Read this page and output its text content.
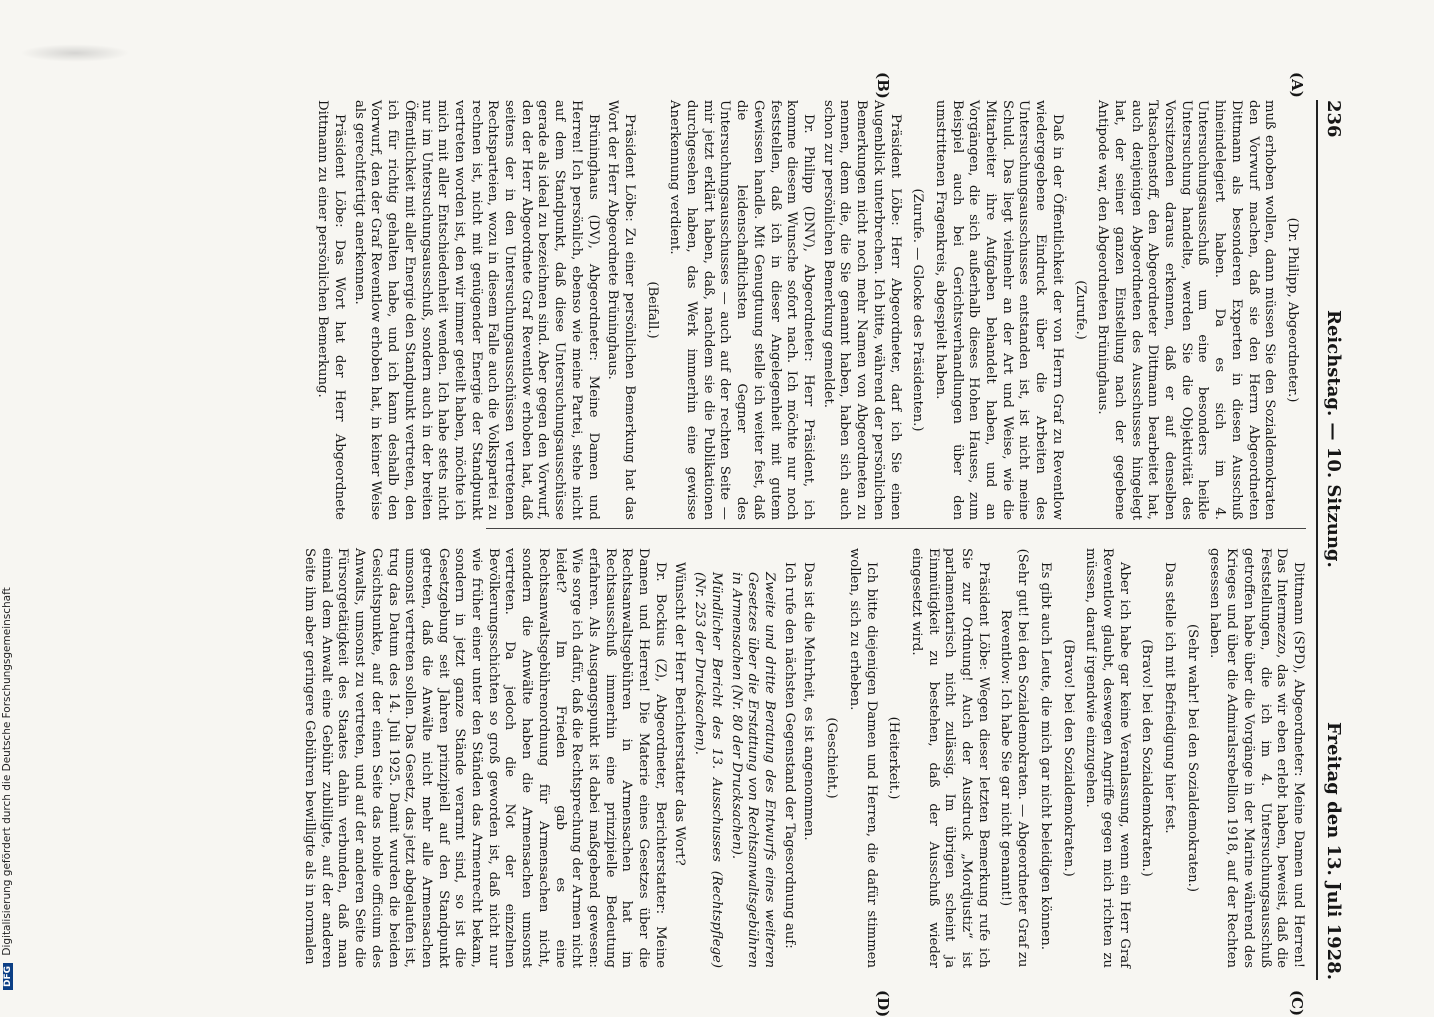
236
Reichstag. — 10. Sitzung.
Freitag den 13. Juli 1928.
(A)
(B)
(C)
(D)

(Dr. Philipp, Abgeordneter.)

muß erhoben wollen, dann müssen Sie den Sozialdemokraten den Vorwurf machen, daß sie den Herrn Abgeordneten Dittmann als besonderen Experten in diesen Ausschuß hineindelegiert haben. Da es sich im 4. Untersuchungsausschuß um eine besonders heikle Untersuchung handelte, werden Sie die Objektivität des Vorsitzenden daraus erkennen, daß er auf denselben Tatsachenstoff, den Abgeordneter Dittmann bearbeitet hat, auch denjenigen Abgeordneten des Ausschusses hingelegt hat, der seiner ganzen Einstellung nach der gegebene Antipode war, den Abgeordneten Brüninghaus.

(Zurufe.)

Daß in der Öffentlichkeit der von Herrn Graf zu Reventlow wiedergegebene Eindruck über die Arbeiten des Untersuchungsausschusses entstanden ist, ist nicht meine Schuld. Das liegt vielmehr an der Art und Weise, wie die Mitarbeiter ihre Aufgaben behandelt haben, und an Vorgängen, die sich außerhalb dieses Hohen Hauses, zum Beispiel auch bei Gerichtsverhandlungen über den umstrittenen Fragenkreis, abgespielt haben.

(Zurufe. — Glocke des Präsidenten.)

Präsident Löbe: Herr Abgeordneter, darf ich Sie einen Augenblick unterbrechen. Ich bitte, während der persönlichen Bemerkungen nicht noch mehr Namen von Abgeordneten zu nennen, denn die, die Sie genannt haben, haben sich auch schon zur persönlichen Bemerkung gemeldet.

Dr. Philipp (DNV), Abgeordneter: Herr Präsident, ich komme diesem Wunsche sofort nach. Ich möchte nur noch feststellen, daß ich in dieser Angelegenheit mit gutem Gewissen handle. Mit Genugtuung stelle ich weiter fest, daß die leidenschaftlichsten Gegner des Untersuchungsausschusses — auch auf der rechten Seite — mir jetzt erklärt haben, daß, nachdem sie die Publikationen durchgesehen haben, das Werk immerhin eine gewisse Anerkennung verdient.

(Beifall.)

Präsident Löbe: Zu einer persönlichen Bemerkung hat das Wort der Herr Abgeordnete Brüninghaus.

Brüninghaus (DV), Abgeordneter: Meine Damen und Herren! Ich persönlich, ebenso wie meine Partei, stehe nicht auf dem Standpunkt, daß diese Untersuchungsausschüsse gerade als ideal zu bezeichnen sind. Aber gegen den Vorwurf, den der Herr Abgeordnete Graf Reventlow erhoben hat, daß seitens der in den Untersuchungsausschüssen vertretenen Rechtsparteien, wozu in diesem Falle auch die Volkspartei zu rechnen ist, nicht mit genügender Energie der Standpunkt vertreten worden ist, den wir immer geteilt haben, möchte ich mich mit aller Entschiedenheit wenden. Ich habe stets nicht nur im Untersuchungsausschuß, sondern auch in der breiten Öffentlichkeit mit aller Energie den Standpunkt vertreten, den ich für richtig gehalten habe, und ich kann deshalb den Vorwurf, den der Graf Reventlow erhoben hat, in keiner Weise als gerechtfertigt anerkennen.

Präsident Löbe: Das Wort hat der Herr Abgeordnete Dittmann zu einer persönlichen Bemerkung.

Dittmann (SPD), Abgeordneter: Meine Damen und Herren! Das Intermezzo, das wir eben erlebt haben, beweist, daß die Feststellungen, die ich im 4. Untersuchungsausschuß getroffen habe über die Vorgänge in der Marine während des Krieges und über die Admiralsrebellion 1918, auf der Rechten gesessen haben.

(Sehr wahr! bei den Sozialdemokraten.)

Das stelle ich mit Befriedigung hier fest.

(Bravo! bei den Sozialdemokraten.)

Aber ich habe gar keine Veranlassung, wenn ein Herr Graf Reventlow glaubt, deswegen Angriffe gegen mich richten zu müssen, darauf irgendwie einzugehen.

(Bravo! bei den Sozialdemokraten.)

Es gibt auch Leute, die mich gar nicht beleidigen können.

(Sehr gut! bei den Sozialdemokraten. — Abgeordneter Graf zu Reventlow: Ich habe Sie gar nicht genannt!)

Präsident Löbe: Wegen dieser letzten Bemerkung rufe ich Sie zur Ordnung! Auch der Ausdruck „Mordjustiz“ ist parlamentarisch nicht zulässig. Im übrigen scheint ja Einmütigkeit zu bestehen, daß der Ausschuß wieder eingesetzt wird.

(Heiterkeit.)

Ich bitte diejenigen Damen und Herren, die dafür stimmen wollen, sich zu erheben.

(Geschieht.)

Das ist die Mehrheit, es ist angenommen.

Ich rufe den nächsten Gegenstand der Tagesordnung auf:

Zweite und dritte Beratung des Entwurfs eines weiteren Gesetzes über die Erstattung von Rechtsanwaltsgebühren in Armensachen (Nr. 80 der Drucksachen).

Mündlicher Bericht des 13. Ausschusses (Rechtspflege) (Nr. 253 der Drucksachen).

Wünscht der Herr Berichterstatter das Wort?

Dr. Bockius (Z), Abgeordneter, Berichterstatter: Meine Damen und Herren! Die Materie eines Gesetzes über die Rechtsanwaltsgebühren in Armensachen hat im Rechtsausschuß immerhin eine prinzipielle Bedeutung erfahren. Als Ausgangspunkt ist dabei maßgebend gewesen: Wie sorge ich dafür, daß die Rechtsprechung der Armen nicht leidet? Im Frieden gab es eine Rechtsanwaltsgebührenordnung für Armensachen nicht, sondern die Anwälte haben die Armensachen umsonst vertreten. Da jedoch die Not der einzelnen Bevölkerungsschichten so groß geworden ist, daß nicht nur wie früher einer unter den Ständen das Armenrecht bekam, sondern in jetzt ganze Stände verarmt sind, so ist die Gesetzgebung seit Jahren prinzipiell auf den Standpunkt getreten, daß die Anwälte nicht mehr alle Armensachen umsonst vertreten sollen. Das Gesetz, das jetzt abgelaufen ist, trug das Datum des 14. Juli 1925. Damit wurden die beiden Gesichtspunkte, auf der einen Seite das nobile officium des Anwalts, umsonst zu vertreten, und auf der anderen Seite die Fürsorgetätigkeit des Staates dahin verbunden, daß man einmal dem Anwalt eine Gebühr zubilligte, auf der anderen Seite ihm aber geringere Gebühren bewilligte als in normalen

DFG Digitalisierung gefördert durch die Deutsche Forschungsgemeinschaft
